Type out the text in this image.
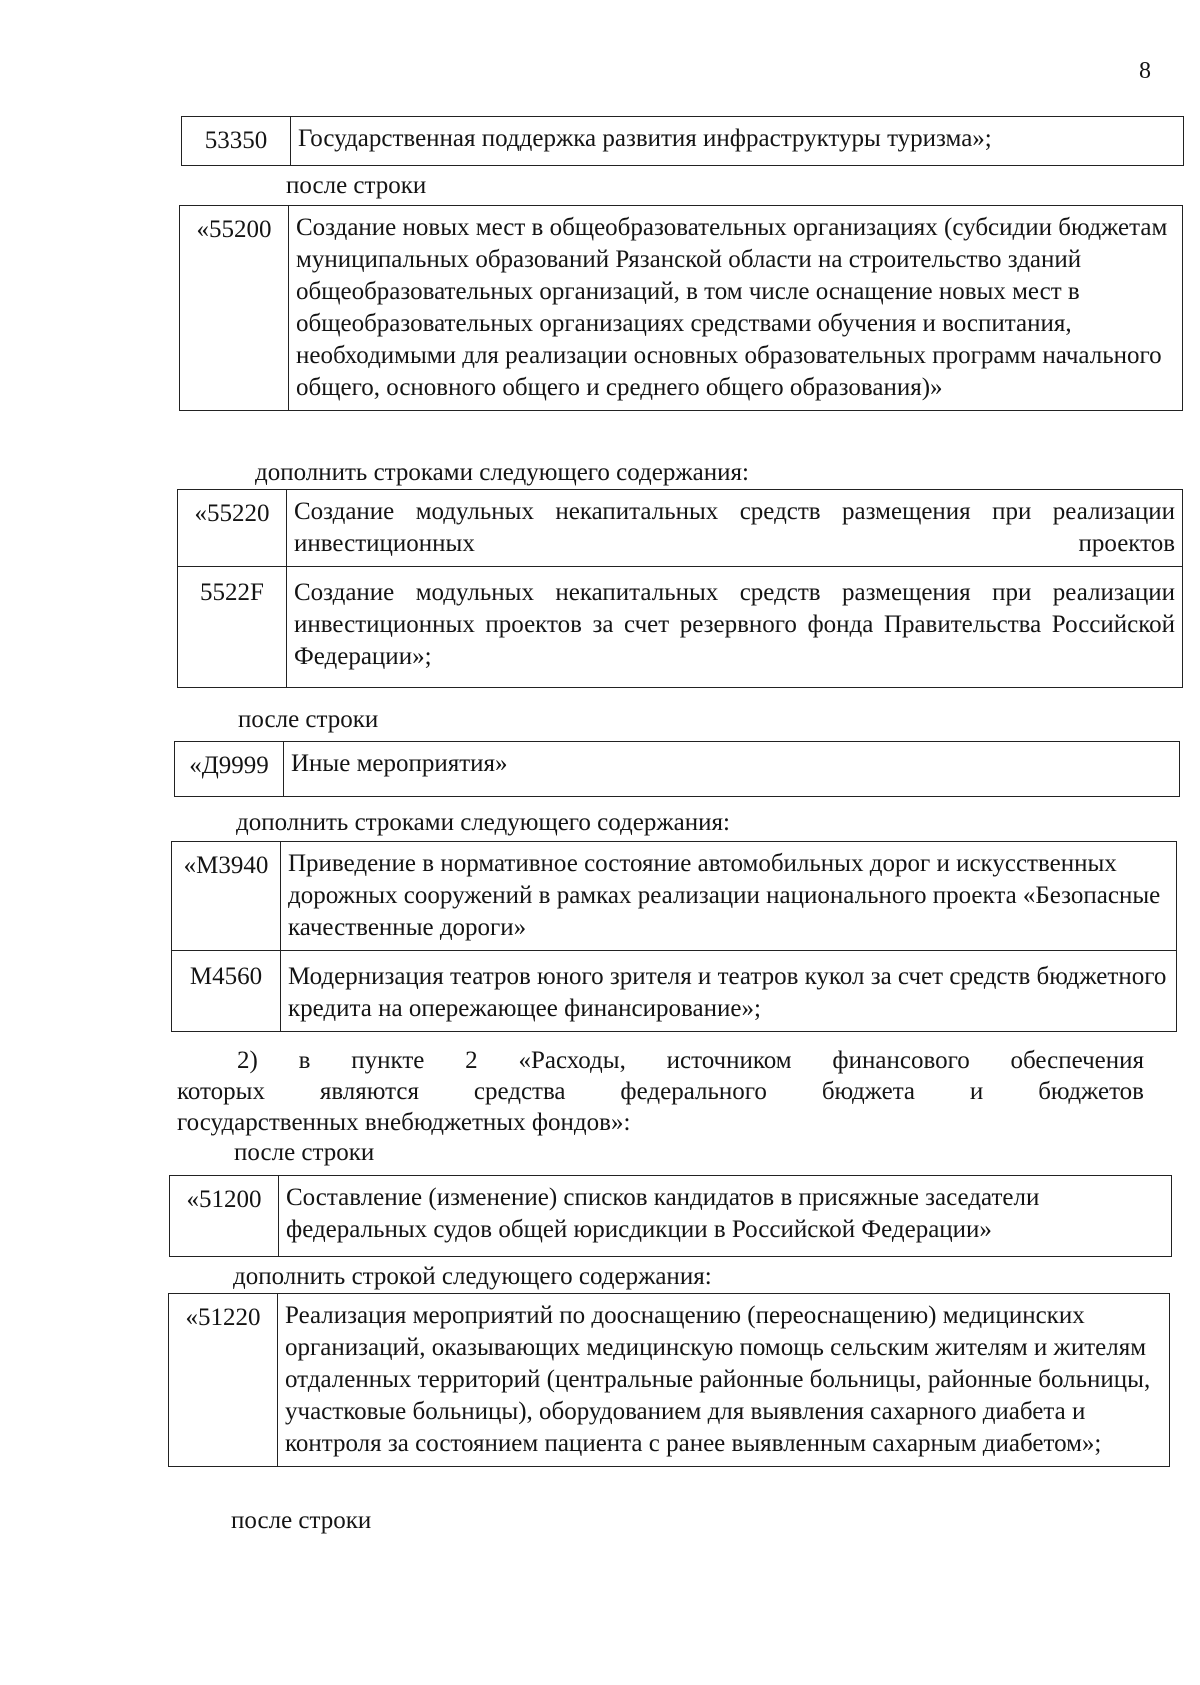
8
53350	Государственная поддержка развития инфраструктуры туризма»;
после строки
«55200	Создание новых мест в общеобразовательных организациях (субсидии бюджетам муниципальных образований Рязанской области на строительство зданий общеобразовательных организаций, в том числе оснащение новых мест в общеобразовательных организациях средствами обучения и воспитания, необходимыми для реализации основных образовательных программ начального общего, основного общего и среднего общего образования)»
дополнить строками следующего содержания:
«55220	Создание модульных некапитальных средств размещения при реализации инвестиционных проектов
5522F	Создание модульных некапитальных средств размещения при реализации инвестиционных проектов за счет резервного фонда Правительства Российской Федерации»;
после строки
«Д9999	Иные мероприятия»
дополнить строками следующего содержания:
«М3940	Приведение в нормативное состояние автомобильных дорог и искусственных дорожных сооружений в рамках реализации национального проекта «Безопасные качественные дороги»
М4560	Модернизация театров юного зрителя и театров кукол за счет средств бюджетного кредита на опережающее финансирование»;
2) в пункте 2 «Расходы, источником финансового обеспечения
которых являются средства федерального бюджета и бюджетов
государственных внебюджетных фондов»:
после строки
«51200	Составление (изменение) списков кандидатов в присяжные заседатели федеральных судов общей юрисдикции в Российской Федерации»
дополнить строкой следующего содержания:
«51220	Реализация мероприятий по дооснащению (переоснащению) медицинских организаций, оказывающих медицинскую помощь сельским жителям и жителям отдаленных территорий (центральные районные больницы, районные больницы, участковые больницы), оборудованием для выявления сахарного диабета и контроля за состоянием пациента с ранее выявленным сахарным диабетом»;
после строки
